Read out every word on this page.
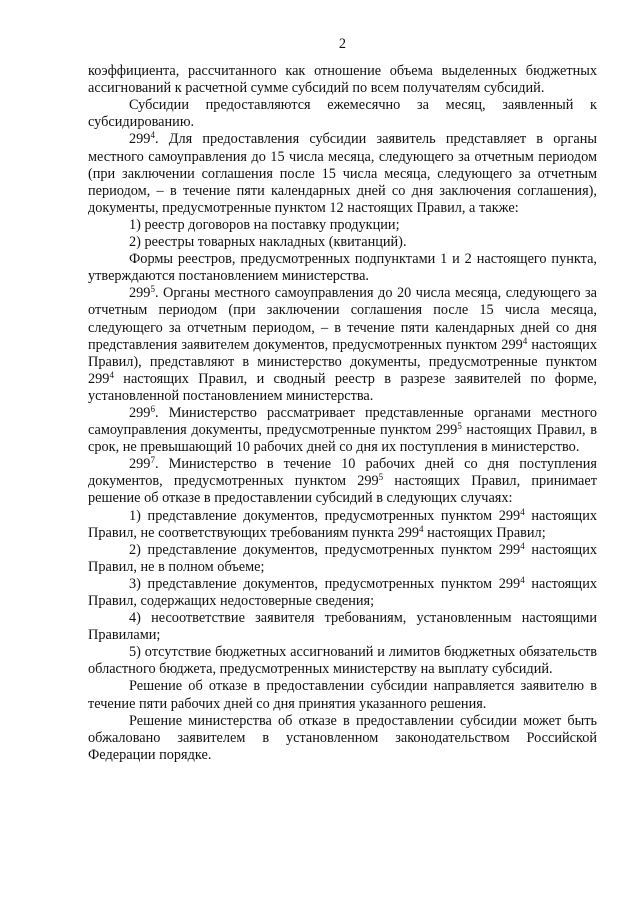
2

коэффициента, рассчитанного как отношение объема выделенных бюджетных ассигнований к расчетной сумме субсидий по всем получателям субсидий.

Субсидии предоставляются ежемесячно за месяц, заявленный к субсидированию.

$299^4$. Для предоставления субсидии заявитель представляет в органы местного самоуправления до 15 числа месяца, следующего за отчетным периодом (при заключении соглашения после 15 числа месяца, следующего за отчетным периодом, – в течение пяти календарных дней со дня заключения соглашения), документы, предусмотренные пунктом 12 настоящих Правил, а также:

1) реестр договоров на поставку продукции;

2) реестры товарных накладных (квитанций).

Формы реестров, предусмотренных подпунктами 1 и 2 настоящего пункта, утверждаются постановлением министерства.

$299^5$. Органы местного самоуправления до 20 числа месяца, следующего за отчетным периодом (при заключении соглашения после 15 числа месяца, следующего за отчетным периодом, – в течение пяти календарных дней со дня представления заявителем документов, предусмотренных пунктом $299^4$ настоящих Правил), представляют в министерство документы, предусмотренные пунктом $299^4$ настоящих Правил, и сводный реестр в разрезе заявителей по форме, установленной постановлением министерства.

$299^6$. Министерство рассматривает представленные органами местного самоуправления документы, предусмотренные пунктом $299^5$ настоящих Правил, в срок, не превышающий 10 рабочих дней со дня их поступления в министерство.

$299^7$. Министерство в течение 10 рабочих дней со дня поступления документов, предусмотренных пунктом $299^5$ настоящих Правил, принимает решение об отказе в предоставлении субсидий в следующих случаях:

1) представление документов, предусмотренных пунктом $299^4$ настоящих Правил, не соответствующих требованиям пункта $299^4$ настоящих Правил;

2) представление документов, предусмотренных пунктом $299^4$ настоящих Правил, не в полном объеме;

3) представление документов, предусмотренных пунктом $299^4$ настоящих Правил, содержащих недостоверные сведения;

4) несоответствие заявителя требованиям, установленным настоящими Правилами;

5) отсутствие бюджетных ассигнований и лимитов бюджетных обязательств областного бюджета, предусмотренных министерству на выплату субсидий.

Решение об отказе в предоставлении субсидии направляется заявителю в течение пяти рабочих дней со дня принятия указанного решения.

Решение министерства об отказе в предоставлении субсидии может быть обжаловано заявителем в установленном законодательством Российской Федерации порядке.
